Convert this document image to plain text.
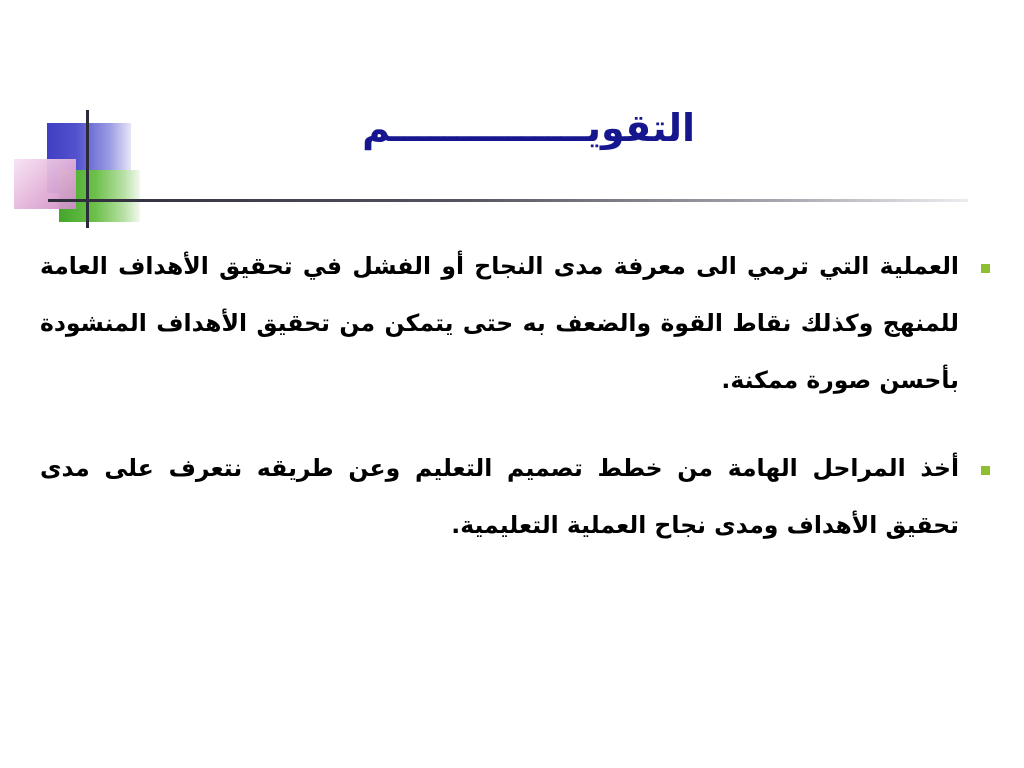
التقويـــــــــــــــم
العملية التي ترمي الى معرفة مدى النجاح أو الفشل في تحقيق الأهداف العامة للمنهج وكذلك نقاط القوة والضعف به حتى يتمكن من تحقيق الأهداف المنشودة بأحسن صورة ممكنة.
أخذ المراحل الهامة من خطط تصميم التعليم وعن طريقه نتعرف على مدى تحقيق الأهداف ومدى نجاح العملية التعليمية.
